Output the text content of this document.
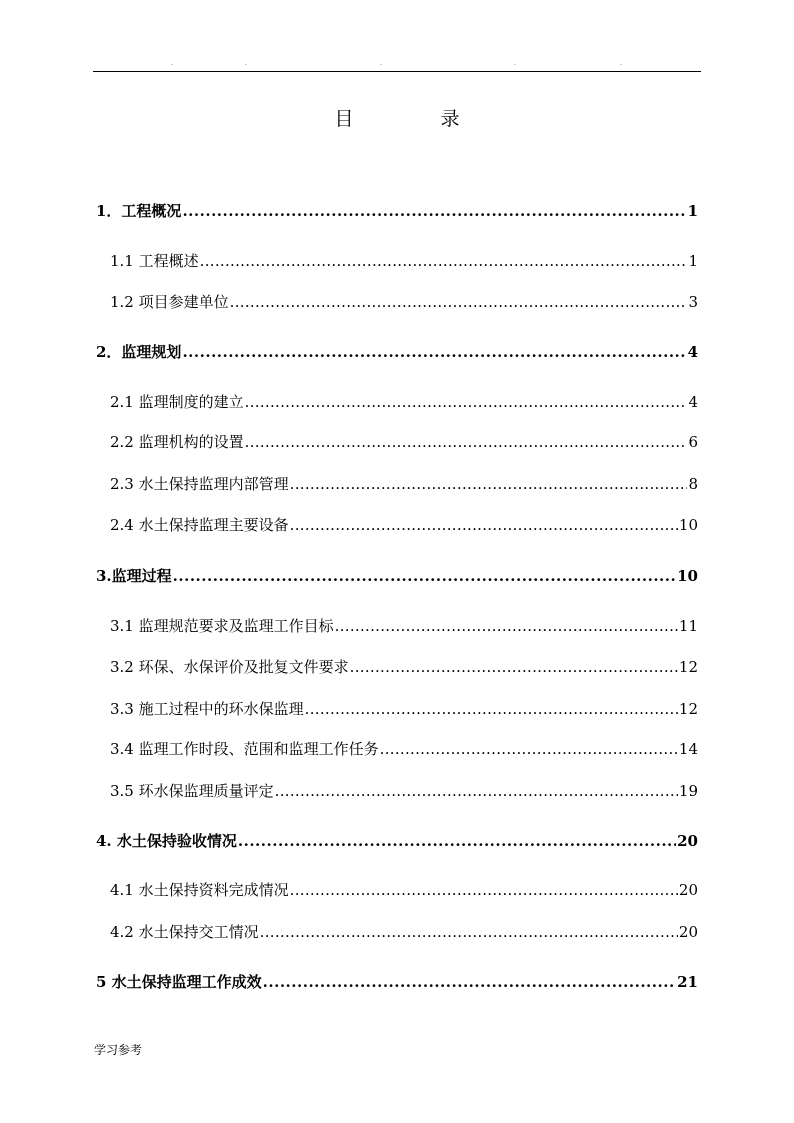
.	.	.	.	.
目　录
1．工程概况 .....	1
1.1 工程概述 .....	1
1.2 项目参建单位 .....	3
2．监理规划 .....	4
2.1 监理制度的建立 .....	4
2.2 监理机构的设置 .....	6
2.3 水土保持监理内部管理 .....	8
2.4 水土保持监理主要设备 .....	10
3.监理过程 .....	10
3.1 监理规范要求及监理工作目标 .....	11
3.2 环保、水保评价及批复文件要求 .....	12
3.3 施工过程中的环水保监理 .....	12
3.4 监理工作时段、范围和监理工作任务 .....	14
3.5 环水保监理质量评定 .....	19
4. 水土保持验收情况 .....	20
4.1 水土保持资料完成情况 .....	20
4.2 水土保持交工情况 .....	20
5 水土保持监理工作成效 .....	21
学习参考
